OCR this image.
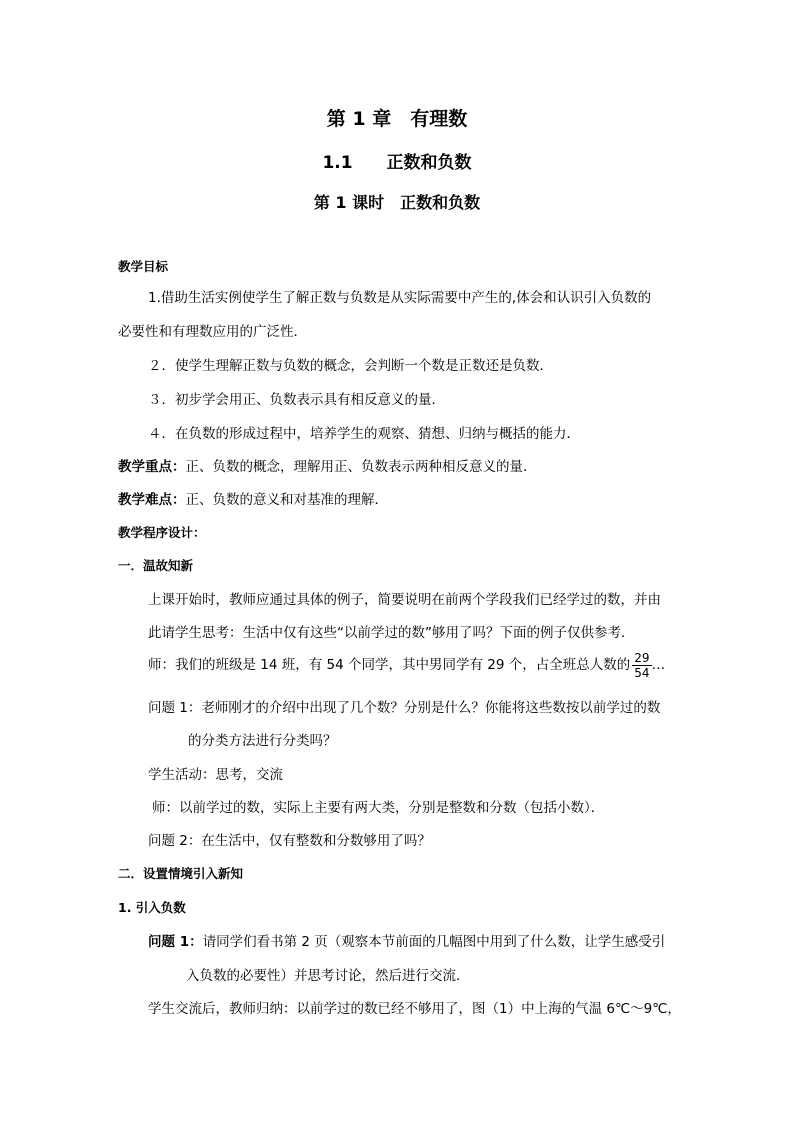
第 1 章　有理数
1.1　　正数和负数
第 1 课时　正数和负数
教学目标
1.借助生活实例使学生了解正数与负数是从实际需要中产生的,体会和认识引入负数的
必要性和有理数应用的广泛性．
２．使学生理解正数与负数的概念，会判断一个数是正数还是负数．
３．初步学会用正、负数表示具有相反意义的量．
４．在负数的形成过程中，培养学生的观察、猜想、归纳与概括的能力．
教学重点：正、负数的概念，理解用正、负数表示两种相反意义的量．
教学难点：正、负数的意义和对基准的理解．
教学程序设计：
一．温故知新
上课开始时，教师应通过具体的例子，简要说明在前两个学段我们已经学过的数，并由
此请学生思考：生活中仅有这些“以前学过的数”够用了吗？下面的例子仅供参考．
师：我们的班级是 14 班，有 54 个同学，其中男同学有 29 个，占全班总人数的 $\frac{29}{54}$ …
问题 1：老师刚才的介绍中出现了几个数？分别是什么？你能将这些数按以前学过的数
的分类方法进行分类吗？
学生活动：思考，交流
师：以前学过的数，实际上主要有两大类，分别是整数和分数（包括小数）．
问题 2：在生活中，仅有整数和分数够用了吗？
二．设置情境引入新知
1. 引入负数
问题 1：请同学们看书第 2 页（观察本节前面的几幅图中用到了什么数，让学生感受引
入负数的必要性）并思考讨论，然后进行交流．
学生交流后，教师归纳：以前学过的数已经不够用了，图（1）中上海的气温 6℃～9℃，
